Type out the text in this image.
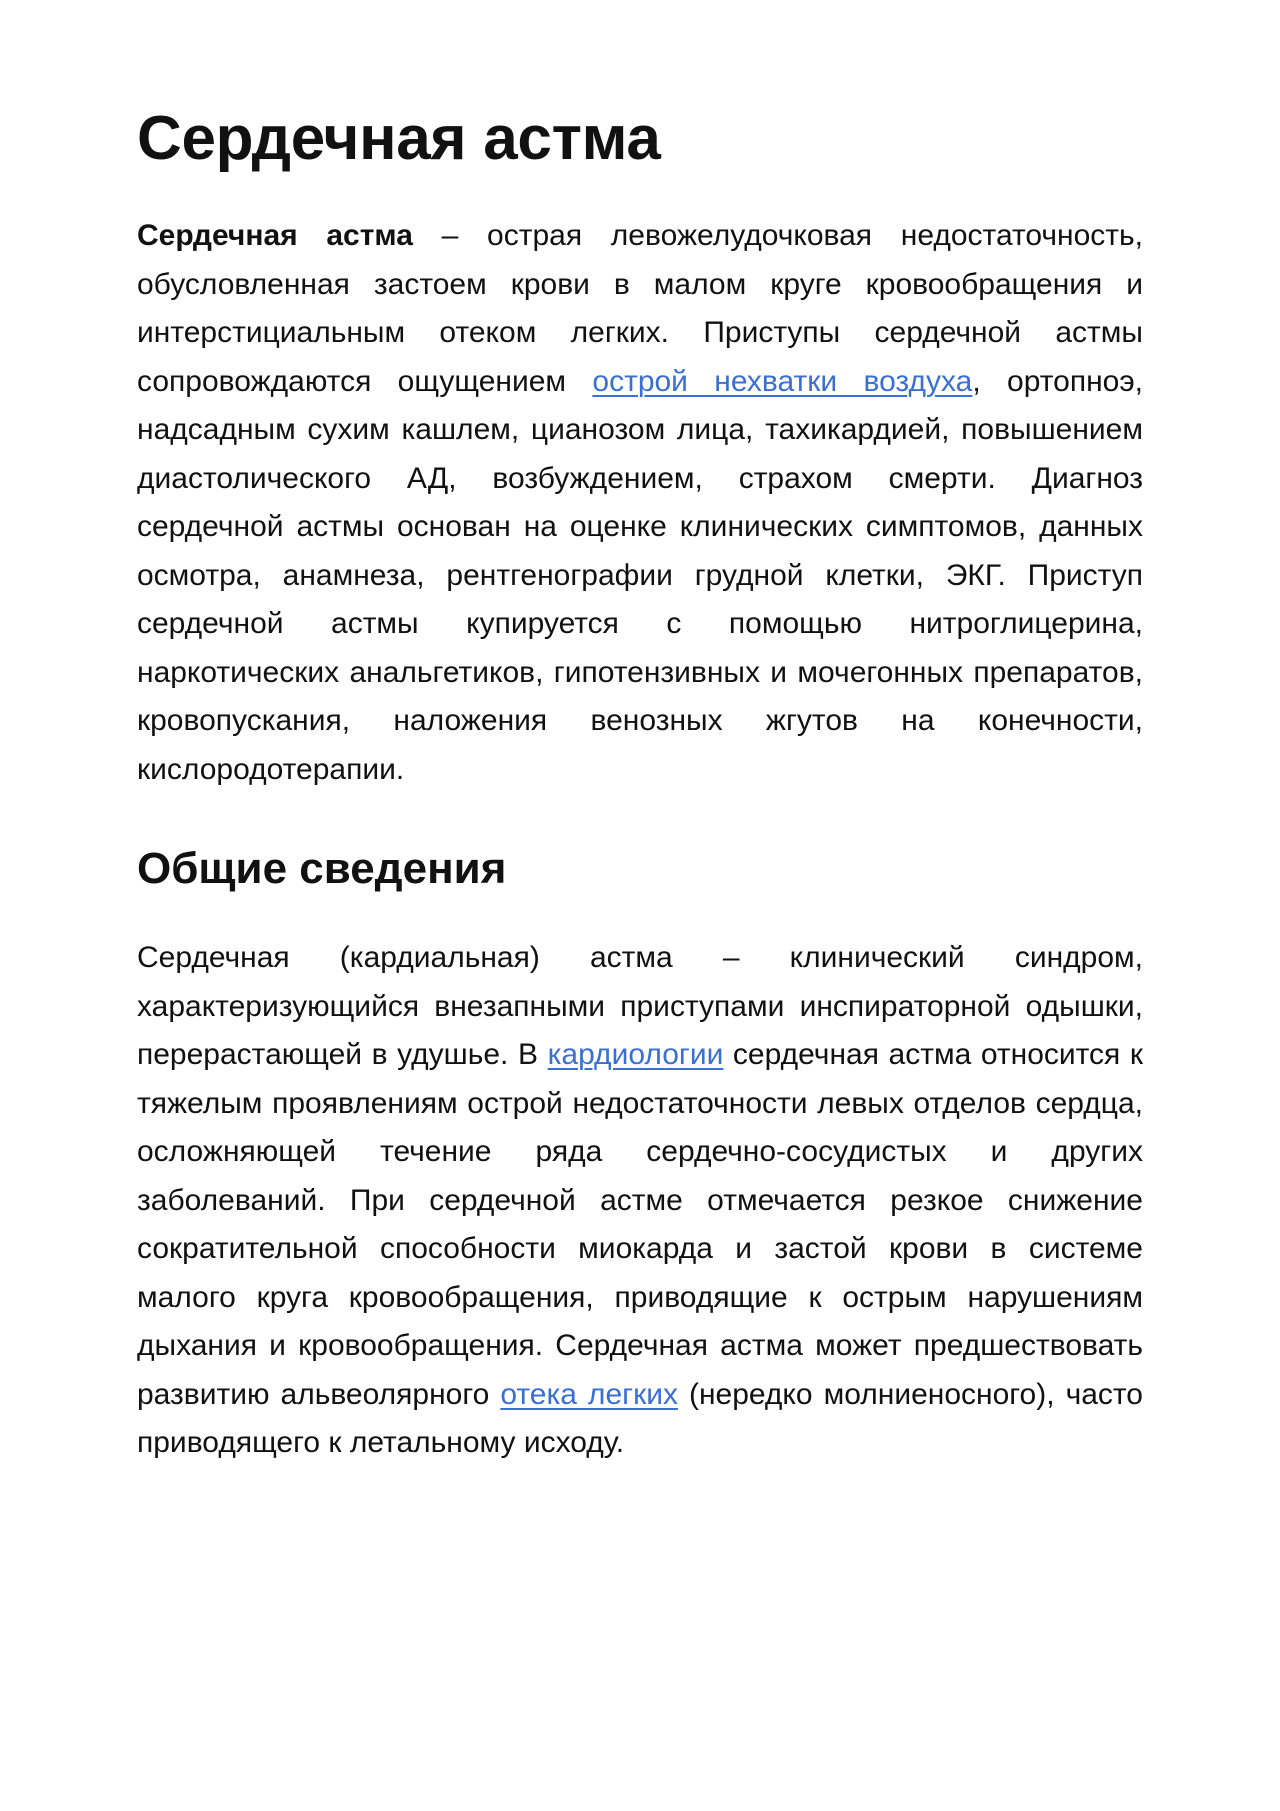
Сердечная астма

Сердечная астма – острая левожелудочковая недостаточность, обусловленная застоем крови в малом круге кровообращения и интерстициальным отеком легких. Приступы сердечной астмы сопровождаются ощущением острой нехватки воздуха, ортопноэ, надсадным сухим кашлем, цианозом лица, тахикардией, повышением диастолического АД, возбуждением, страхом смерти. Диагноз сердечной астмы основан на оценке клинических симптомов, данных осмотра, анамнеза, рентгенографии грудной клетки, ЭКГ. Приступ сердечной астмы купируется с помощью нитроглицерина, наркотических анальгетиков, гипотензивных и мочегонных препаратов, кровопускания, наложения венозных жгутов на конечности, кислородотерапии.

Общие сведения

Сердечная (кардиальная) астма – клинический синдром, характеризующийся внезапными приступами инспираторной одышки, перерастающей в удушье. В кардиологии сердечная астма относится к тяжелым проявлениям острой недостаточности левых отделов сердца, осложняющей течение ряда сердечно-сосудистых и других заболеваний. При сердечной астме отмечается резкое снижение сократительной способности миокарда и застой крови в системе малого круга кровообращения, приводящие к острым нарушениям дыхания и кровообращения. Сердечная астма может предшествовать развитию альвеолярного отека легких (нередко молниеносного), часто приводящего к летальному исходу.
